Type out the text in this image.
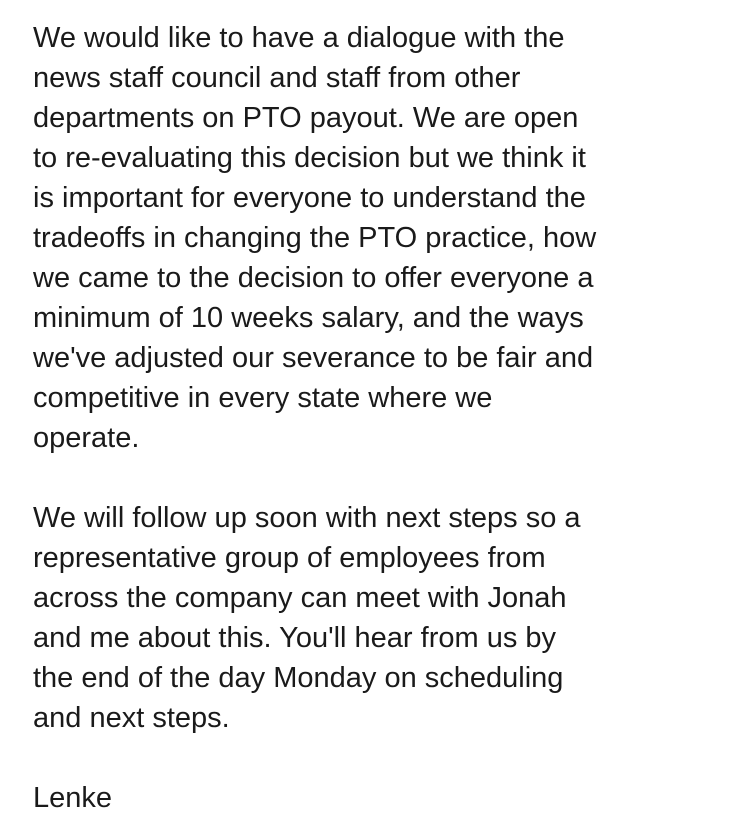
We would like to have a dialogue with the
news staff council and staff from other
departments on PTO payout. We are open
to re-evaluating this decision but we think it
is important for everyone to understand the
tradeoffs in changing the PTO practice, how
we came to the decision to offer everyone a
minimum of 10 weeks salary, and the ways
we've adjusted our severance to be fair and
competitive in every state where we
operate.

We will follow up soon with next steps so a
representative group of employees from
across the company can meet with Jonah
and me about this. You'll hear from us by
the end of the day Monday on scheduling
and next steps.

Lenke
